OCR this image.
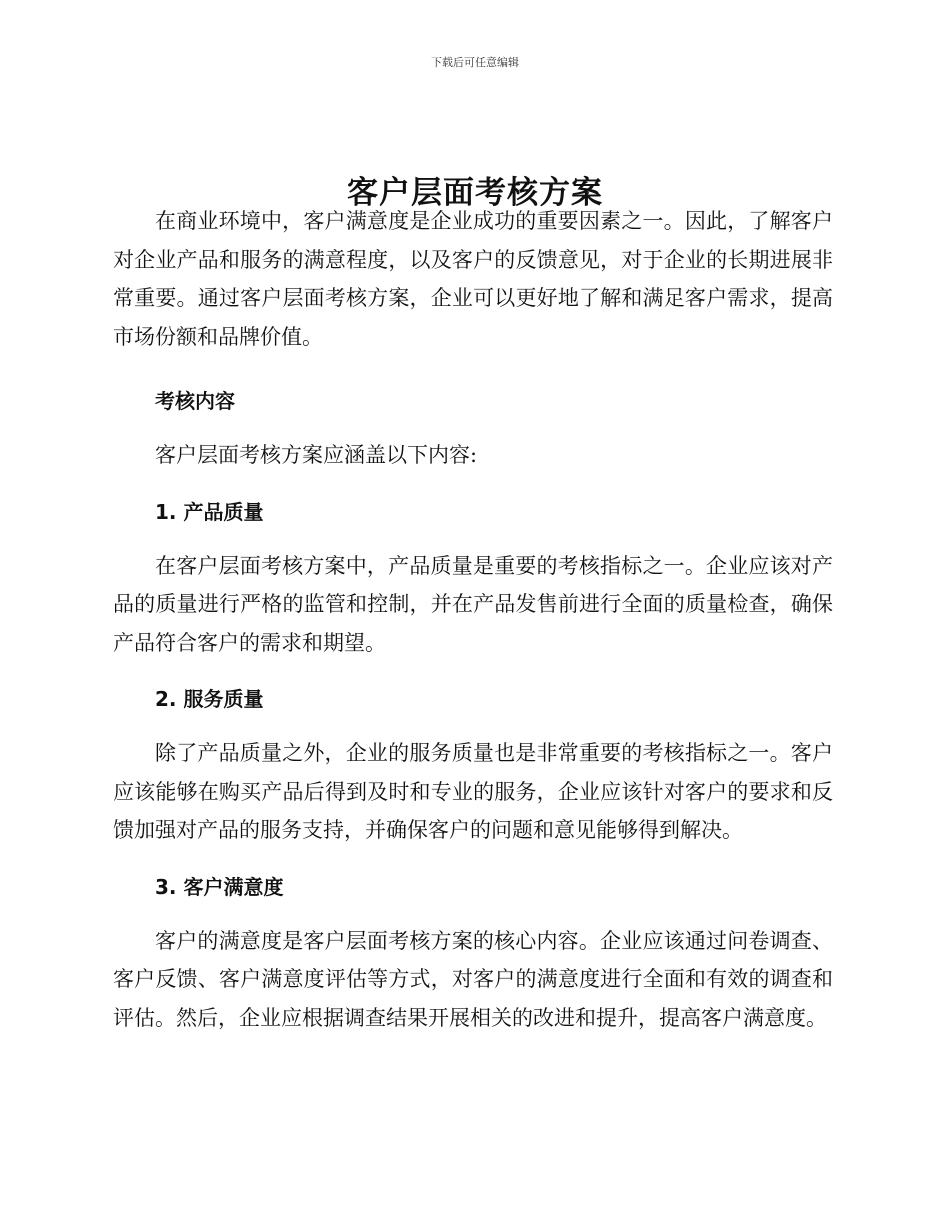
下载后可任意编辑
客户层面考核方案

在商业环境中，客户满意度是企业成功的重要因素之一。因此，了解客户对企业产品和服务的满意程度，以及客户的反馈意见，对于企业的长期进展非常重要。通过客户层面考核方案，企业可以更好地了解和满足客户需求，提高市场份额和品牌价值。

考核内容

客户层面考核方案应涵盖以下内容:

1. 产品质量

在客户层面考核方案中，产品质量是重要的考核指标之一。企业应该对产品的质量进行严格的监管和控制，并在产品发售前进行全面的质量检查，确保产品符合客户的需求和期望。

2. 服务质量

除了产品质量之外，企业的服务质量也是非常重要的考核指标之一。客户应该能够在购买产品后得到及时和专业的服务，企业应该针对客户的要求和反馈加强对产品的服务支持，并确保客户的问题和意见能够得到解决。

3. 客户满意度

客户的满意度是客户层面考核方案的核心内容。企业应该通过问卷调查、客户反馈、客户满意度评估等方式，对客户的满意度进行全面和有效的调查和评估。然后，企业应根据调查结果开展相关的改进和提升，提高客户满意度。
